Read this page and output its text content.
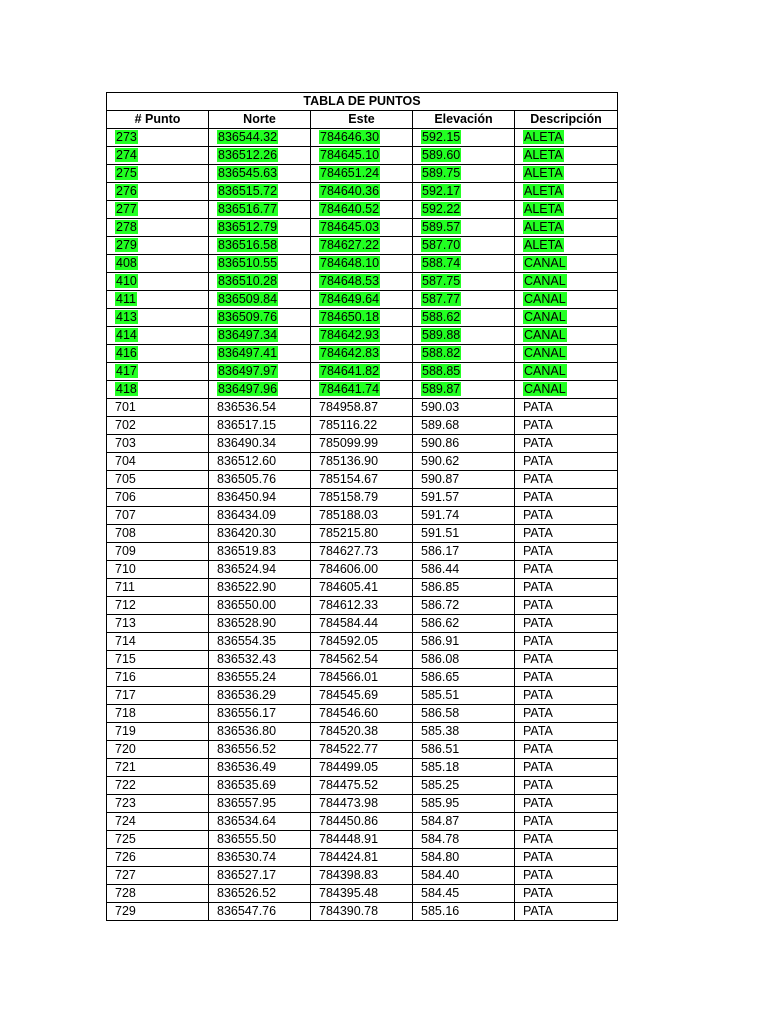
TABLA DE PUNTOS				
# Punto	Norte	Este	Elevación	Descripción
273	836544.32	784646.30	592.15	ALETA
274	836512.26	784645.10	589.60	ALETA
275	836545.63	784651.24	589.75	ALETA
276	836515.72	784640.36	592.17	ALETA
277	836516.77	784640.52	592.22	ALETA
278	836512.79	784645.03	589.57	ALETA
279	836516.58	784627.22	587.70	ALETA
408	836510.55	784648.10	588.74	CANAL
410	836510.28	784648.53	587.75	CANAL
411	836509.84	784649.64	587.77	CANAL
413	836509.76	784650.18	588.62	CANAL
414	836497.34	784642.93	589.88	CANAL
416	836497.41	784642.83	588.82	CANAL
417	836497.97	784641.82	588.85	CANAL
418	836497.96	784641.74	589.87	CANAL
701	836536.54	784958.87	590.03	PATA
702	836517.15	785116.22	589.68	PATA
703	836490.34	785099.99	590.86	PATA
704	836512.60	785136.90	590.62	PATA
705	836505.76	785154.67	590.87	PATA
706	836450.94	785158.79	591.57	PATA
707	836434.09	785188.03	591.74	PATA
708	836420.30	785215.80	591.51	PATA
709	836519.83	784627.73	586.17	PATA
710	836524.94	784606.00	586.44	PATA
711	836522.90	784605.41	586.85	PATA
712	836550.00	784612.33	586.72	PATA
713	836528.90	784584.44	586.62	PATA
714	836554.35	784592.05	586.91	PATA
715	836532.43	784562.54	586.08	PATA
716	836555.24	784566.01	586.65	PATA
717	836536.29	784545.69	585.51	PATA
718	836556.17	784546.60	586.58	PATA
719	836536.80	784520.38	585.38	PATA
720	836556.52	784522.77	586.51	PATA
721	836536.49	784499.05	585.18	PATA
722	836535.69	784475.52	585.25	PATA
723	836557.95	784473.98	585.95	PATA
724	836534.64	784450.86	584.87	PATA
725	836555.50	784448.91	584.78	PATA
726	836530.74	784424.81	584.80	PATA
727	836527.17	784398.83	584.40	PATA
728	836526.52	784395.48	584.45	PATA
729	836547.76	784390.78	585.16	PATA
